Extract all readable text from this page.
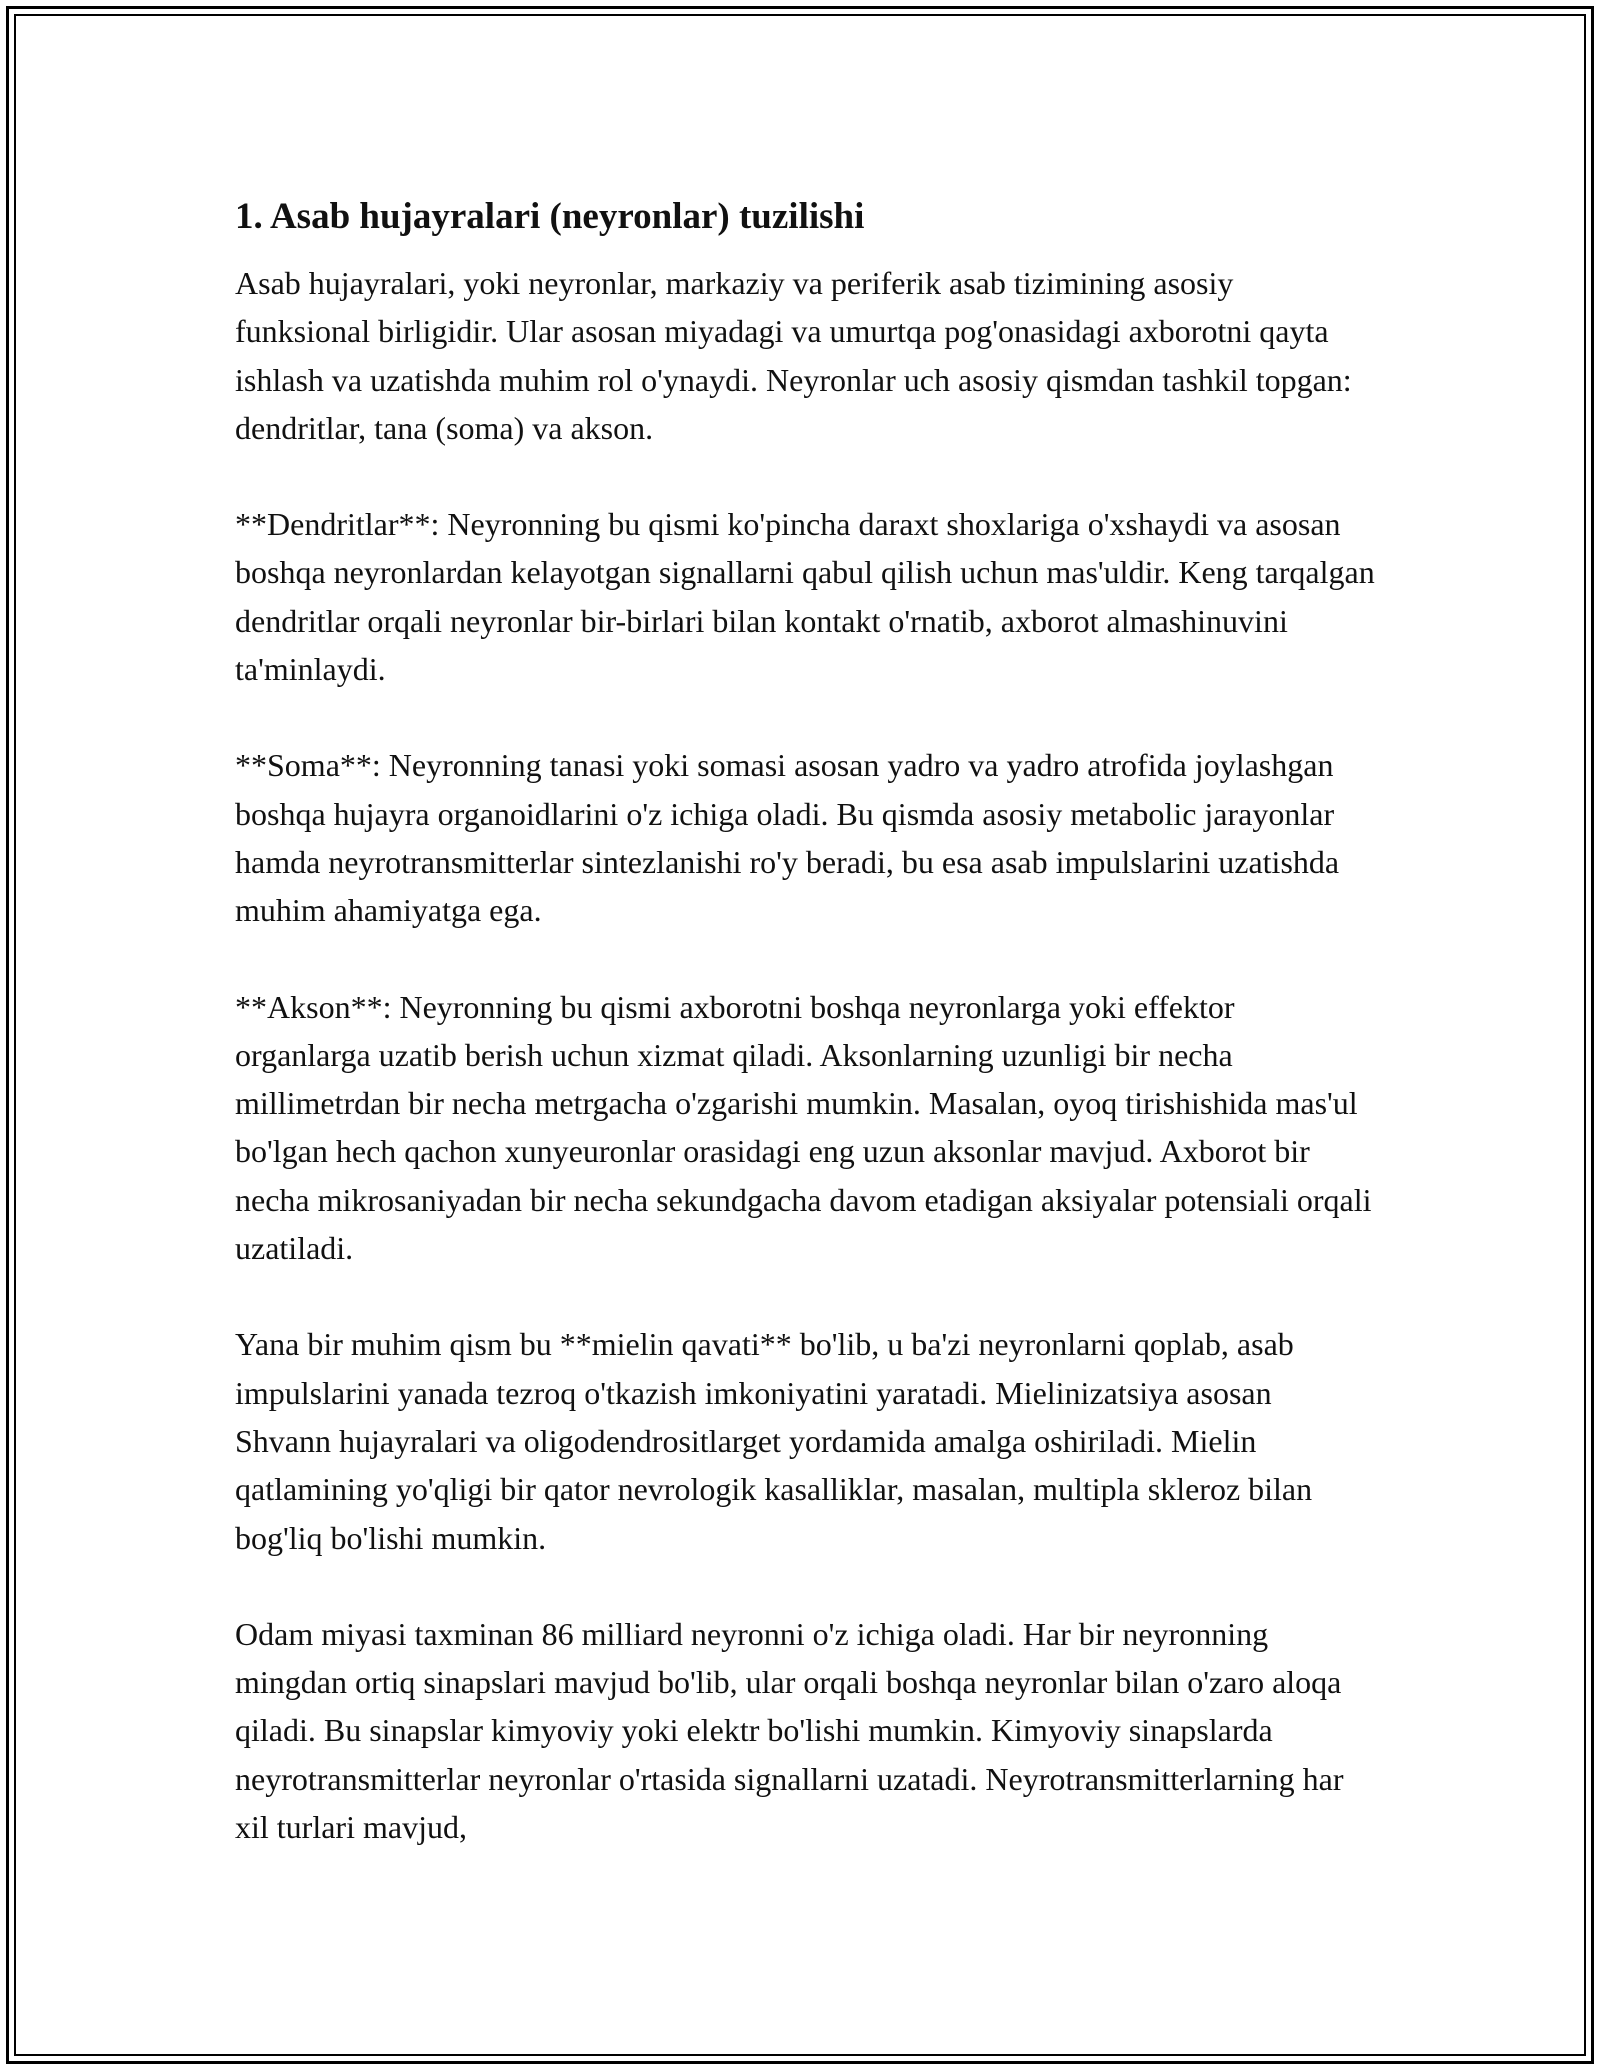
1. Asab hujayralari (neyronlar) tuzilishi

Asab hujayralari, yoki neyronlar, markaziy va periferik asab tizimining asosiy funksional birligidir. Ular asosan miyadagi va umurtqa pog'onasidagi axborotni qayta ishlash va uzatishda muhim rol o'ynaydi. Neyronlar uch asosiy qismdan tashkil topgan: dendritlar, tana (soma) va akson.

**Dendritlar**: Neyronning bu qismi ko'pincha daraxt shoxlariga o'xshaydi va asosan boshqa neyronlardan kelayotgan signallarni qabul qilish uchun mas'uldir. Keng tarqalgan dendritlar orqali neyronlar bir-birlari bilan kontakt o'rnatib, axborot almashinuvini ta'minlaydi.

**Soma**: Neyronning tanasi yoki somasi asosan yadro va yadro atrofida joylashgan boshqa hujayra organoidlarini o'z ichiga oladi. Bu qismda asosiy metabolic jarayonlar hamda neyrotransmitterlar sintezlanishi ro'y beradi, bu esa asab impulslarini uzatishda muhim ahamiyatga ega.

**Akson**: Neyronning bu qismi axborotni boshqa neyronlarga yoki effektor organlarga uzatib berish uchun xizmat qiladi. Aksonlarning uzunligi bir necha millimetrdan bir necha metrgacha o'zgarishi mumkin. Masalan, oyoq tirishishida mas'ul bo'lgan hech qachon xunyeuronlar orasidagi eng uzun aksonlar mavjud. Axborot bir necha mikrosaniyadan bir necha sekundgacha davom etadigan aksiyalar potensiali orqali uzatiladi.

Yana bir muhim qism bu **mielin qavati** bo'lib, u ba'zi neyronlarni qoplab, asab impulslarini yanada tezroq o'tkazish imkoniyatini yaratadi. Mielinizatsiya asosan Shvann hujayralari va oligodendrositlarget yordamida amalga oshiriladi. Mielin qatlamining yo'qligi bir qator nevrologik kasalliklar, masalan, multipla skleroz bilan bog'liq bo'lishi mumkin.

Odam miyasi taxminan 86 milliard neyronni o'z ichiga oladi. Har bir neyronning mingdan ortiq sinapslari mavjud bo'lib, ular orqali boshqa neyronlar bilan o'zaro aloqa qiladi. Bu sinapslar kimyoviy yoki elektr bo'lishi mumkin. Kimyoviy sinapslarda neyrotransmitterlar neyronlar o'rtasida signallarni uzatadi. Neyrotransmitterlarning har xil turlari mavjud,
